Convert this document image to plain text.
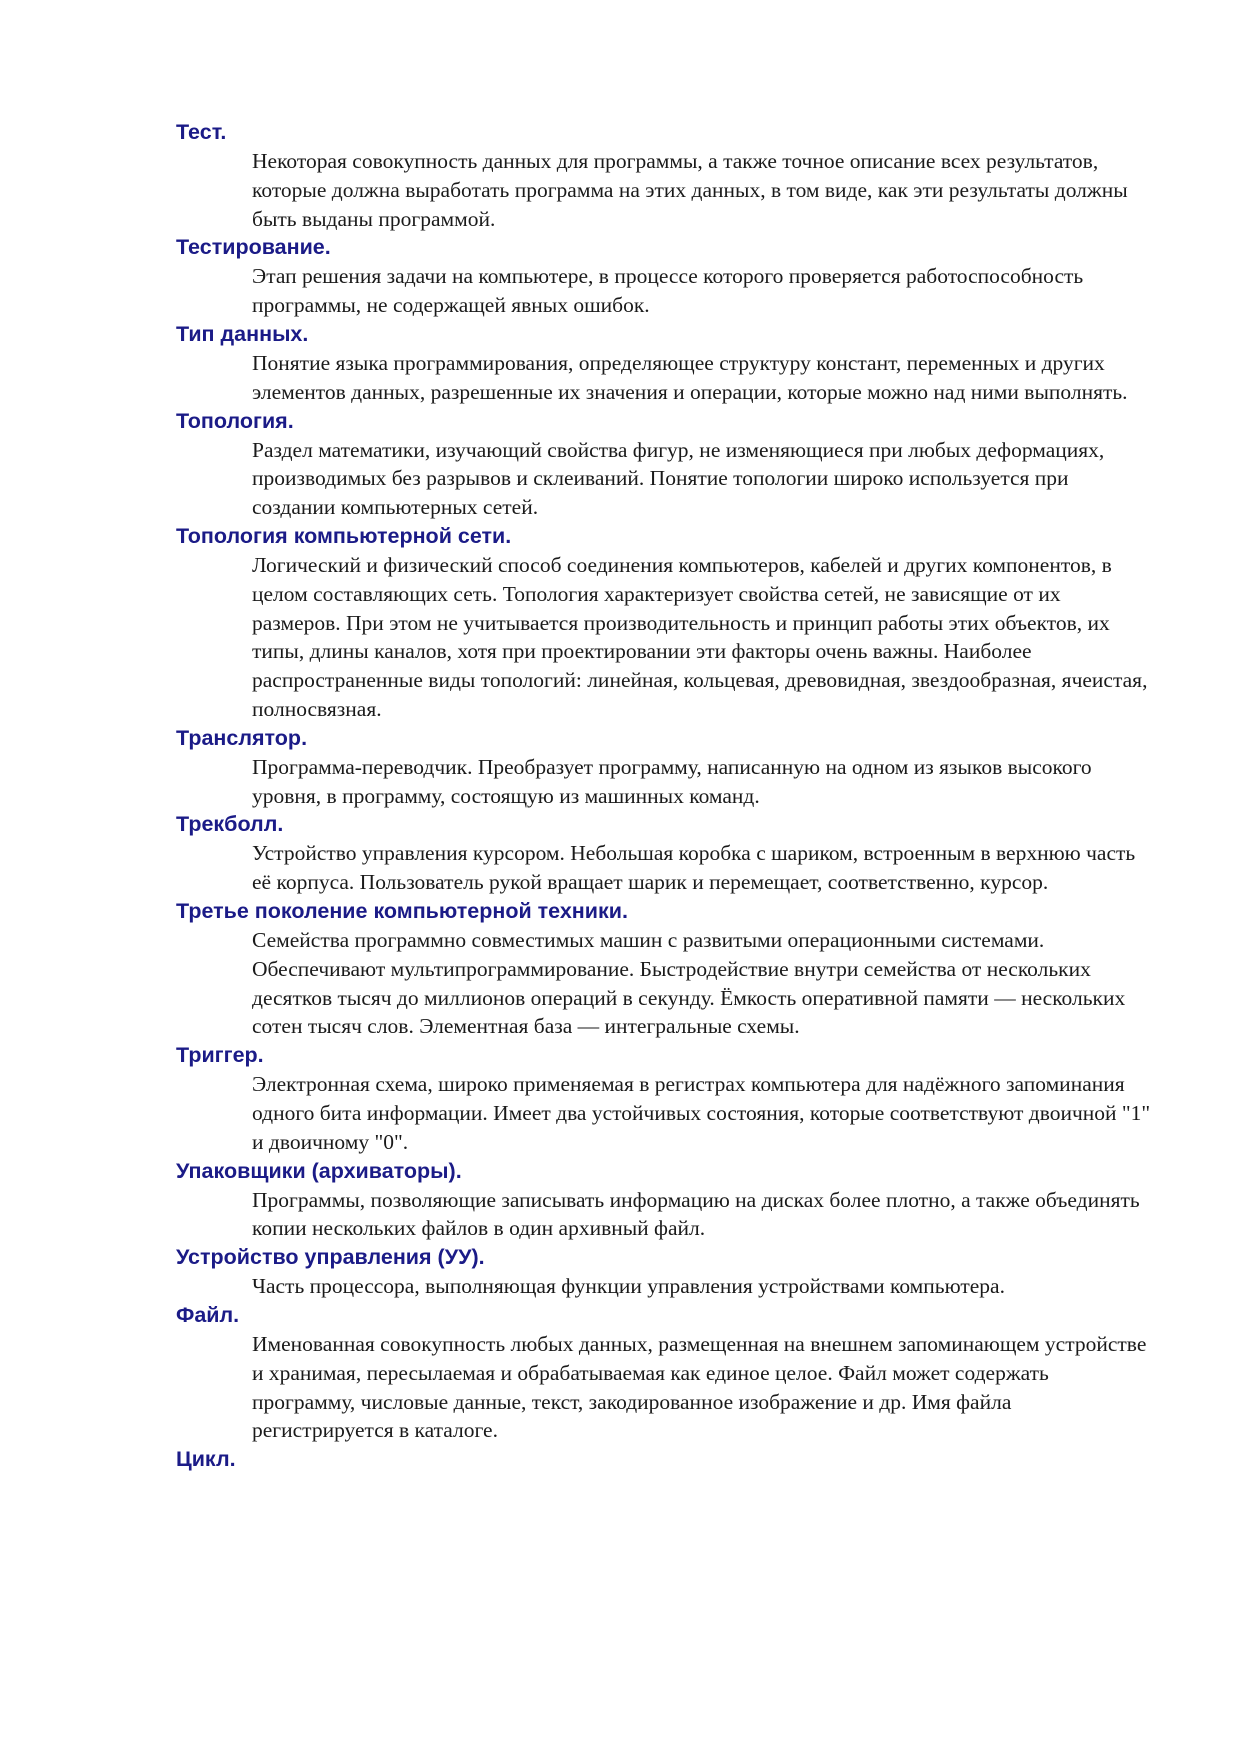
Тест.

Некоторая совокупность данных для программы, а также точное описание всех результатов, которые должна выработать программа на этих данных, в том виде, как эти результаты должны быть выданы программой.

Тестирование.

Этап решения задачи на компьютере, в процессе которого проверяется работоспособность программы, не содержащей явных ошибок.

Тип данных.

Понятие языка программирования, определяющее структуру констант, переменных и других элементов данных, разрешенные их значения и операции, которые можно над ними выполнять.

Топология.

Раздел математики, изучающий свойства фигур, не изменяющиеся при любых деформациях, производимых без разрывов и склеиваний. Понятие топологии широко используется при создании компьютерных сетей.

Топология компьютерной сети.

Логический и физический способ соединения компьютеров, кабелей и других компонентов, в целом составляющих сеть. Топология характеризует свойства сетей, не зависящие от их размеров. При этом не учитывается производительность и принцип работы этих объектов, их типы, длины каналов, хотя при проектировании эти факторы очень важны. Наиболее распространенные виды топологий: линейная, кольцевая, древовидная, звездообразная, ячеистая, полносвязная.

Транслятор.

Программа-переводчик. Преобразует программу, написанную на одном из языков высокого уровня, в программу, состоящую из машинных команд.

Трекболл.

Устройство управления курсором. Небольшая коробка с шариком, встроенным в верхнюю часть её корпуса. Пользователь рукой вращает шарик и перемещает, соответственно, курсор.

Третье поколение компьютерной техники.

Семейства программно совместимых машин с развитыми операционными системами. Обеспечивают мультипрограммирование. Быстродействие внутри семейства от нескольких десятков тысяч до миллионов операций в секунду. Ёмкость оперативной памяти — нескольких сотен тысяч слов. Элементная база — интегральные схемы.

Триггер.

Электронная схема, широко применяемая в регистрах компьютера для надёжного запоминания одного бита информации. Имеет два устойчивых состояния, которые соответствуют двоичной "1" и двоичному "0".

Упаковщики (архиваторы).

Программы, позволяющие записывать информацию на дисках более плотно, а также объединять копии нескольких файлов в один архивный файл.

Устройство управления (УУ).

Часть процессора, выполняющая функции управления устройствами компьютера.

Файл.

Именованная совокупность любых данных, размещенная на внешнем запоминающем устройстве и хранимая, пересылаемая и обрабатываемая как единое целое. Файл может содержать программу, числовые данные, текст, закодированное изображение и др. Имя файла регистрируется в каталоге.

Цикл.
